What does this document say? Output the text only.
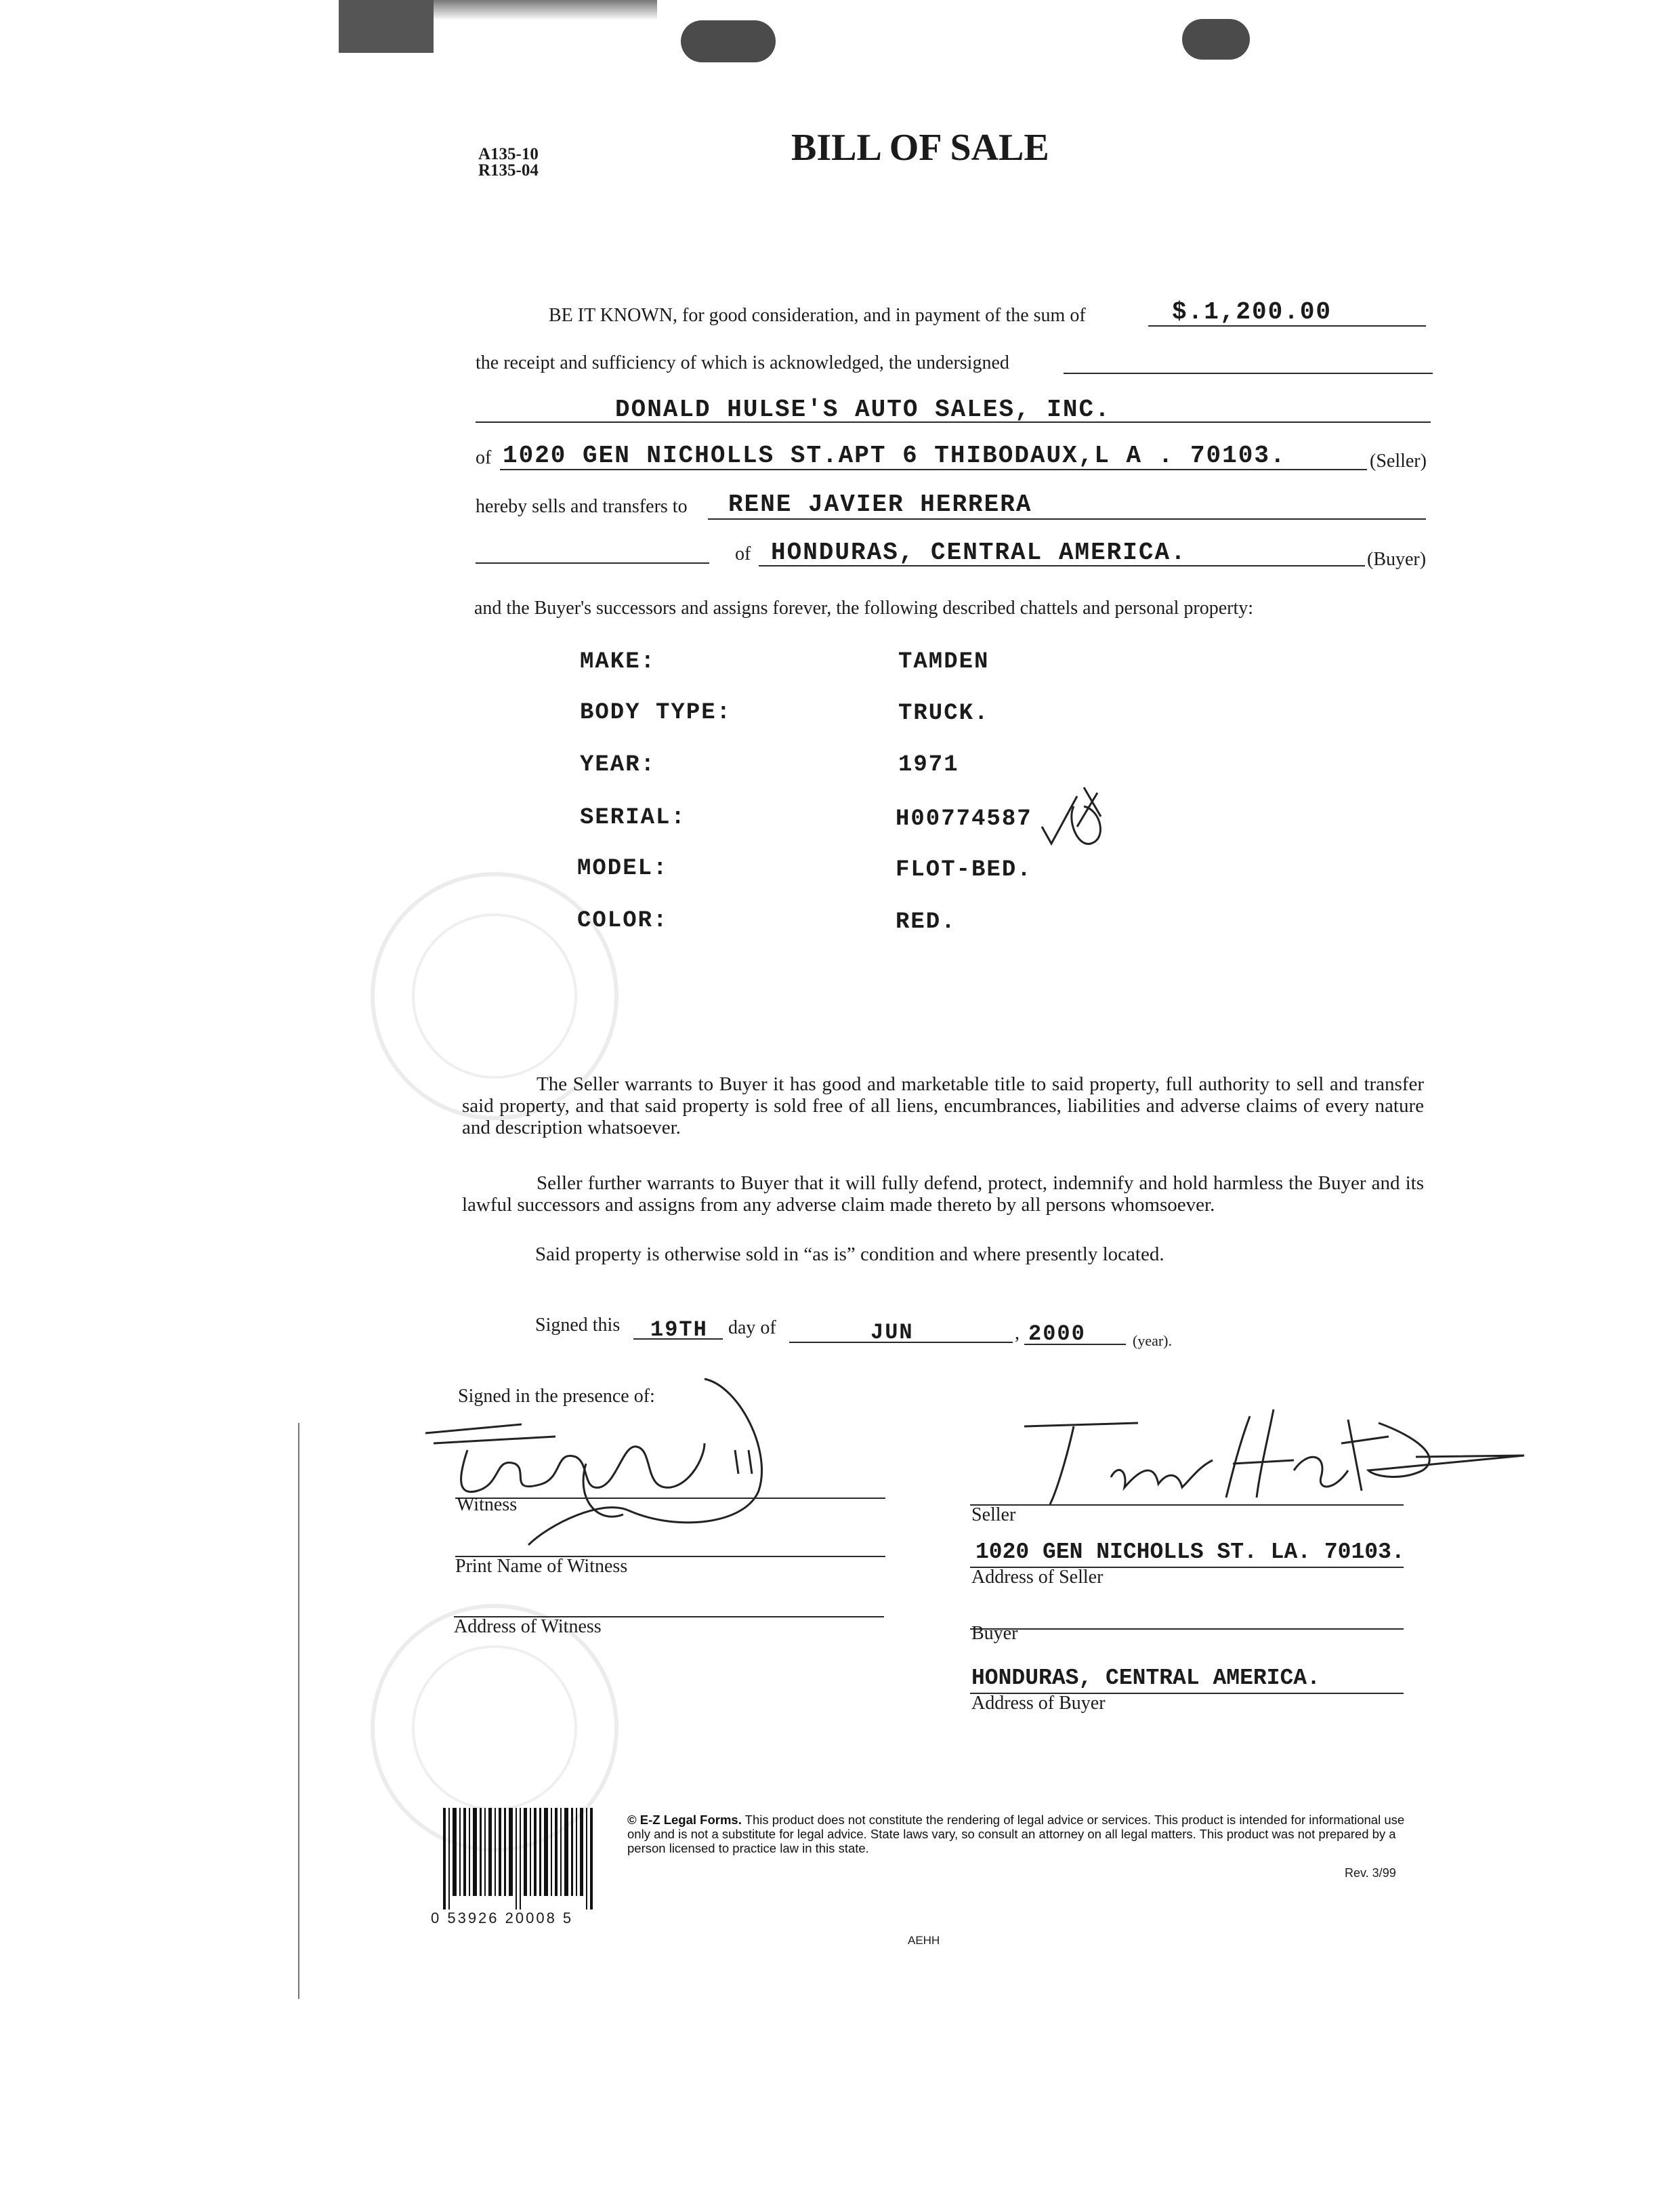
A135-10
R135-04
BILL OF SALE
BE IT KNOWN, for good consideration, and in payment of the sum of	$.1,200.00
the receipt and sufficiency of which is acknowledged, the undersigned
DONALD HULSE'S AUTO SALES, INC.
of 1020 GEN NICHOLLS ST.APT 6 THIBODAUX,L A . 70103.	(Seller)
hereby sells and transfers to RENE JAVIER HERRERA
of HONDURAS, CENTRAL AMERICA.	(Buyer)
and the Buyer's successors and assigns forever, the following described chattels and personal property:
MAKE:	TAMDEN
BODY TYPE:	TRUCK.
YEAR:	1971
SERIAL:	H00774587
MODEL:	FLOT-BED.
COLOR:	RED.
The Seller warrants to Buyer it has good and marketable title to said property, full authority to sell and transfer said property, and that said property is sold free of all liens, encumbrances, liabilities and adverse claims of every nature and description whatsoever.
Seller further warrants to Buyer that it will fully defend, protect, indemnify and hold harmless the Buyer and its lawful successors and assigns from any adverse claim made thereto by all persons whomsoever.
Said property is otherwise sold in “as is” condition and where presently located.
Signed this 19TH day of	JUN	, 2000	(year).
Signed in the presence of:
Witness
Print Name of Witness
Address of Witness
Seller
1020 GEN NICHOLLS ST. LA. 70103.
Address of Seller
Buyer
HONDURAS, CENTRAL AMERICA.
Address of Buyer
0 53926 20008 5
© E-Z Legal Forms. This product does not constitute the rendering of legal advice or services. This product is intended for informational use only and is not a substitute for legal advice. State laws vary, so consult an attorney on all legal matters. This product was not prepared by a person licensed to practice law in this state.
Rev. 3/99
AEHH
